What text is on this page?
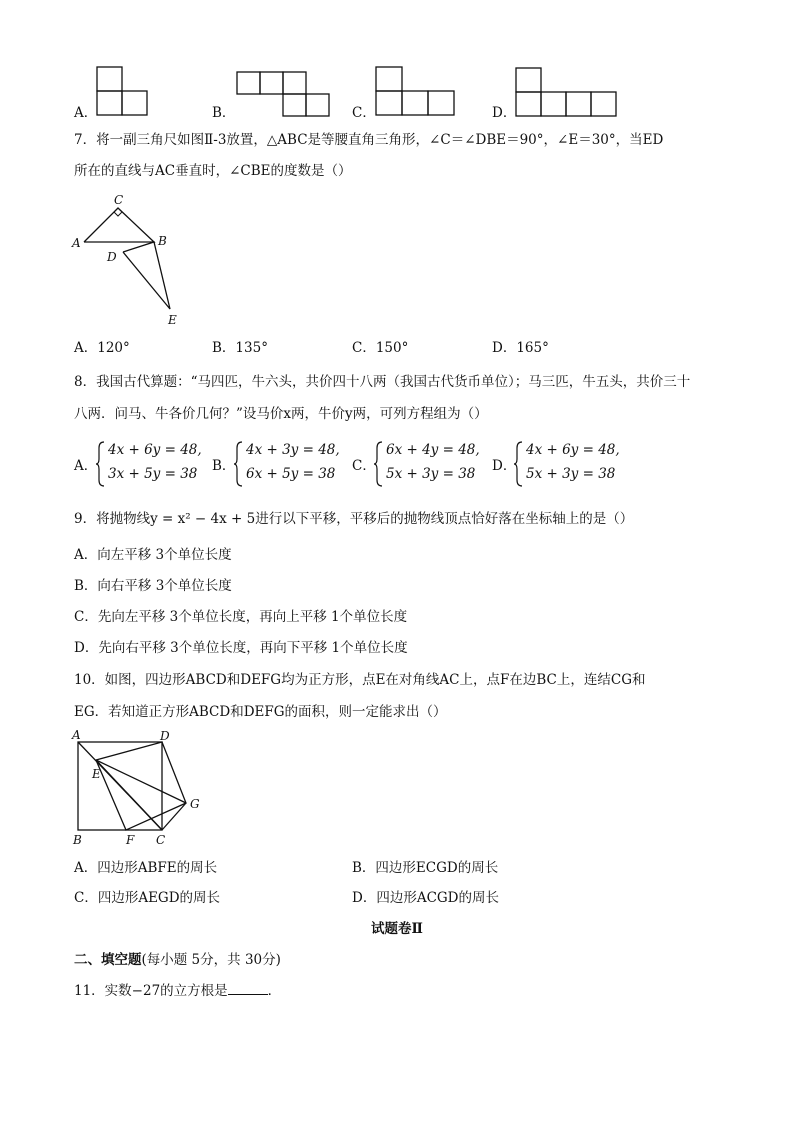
A．	B．	C．	D．
7．将一副三角尺如图Ⅱ-3放置，△ABC是等腰直角三角形，∠C＝∠DBE＝90°，∠E＝30°，当ED
所在的直线与AC垂直时，∠CBE的度数是（）
C
A	B
D
E
A．120°	B．135°	C．150°	D．165°
8．我国古代算题：“马四匹，牛六头，共价四十八两（我国古代货币单位）；马三匹，牛五头，共价三十
八两．问马、牛各价几何？”设马价x两，牛价y两，可列方程组为（）
A．
4x + 6y = 48,
3x + 5y = 38 B．
4x + 3y = 48,
6x + 5y = 38 C．
6x + 4y = 48,
5x + 3y = 38 D．
4x + 6y = 48,
5x + 3y = 38
9．将抛物线y = x² − 4x + 5进行以下平移，平移后的抛物线顶点恰好落在坐标轴上的是（）
A．向左平移 3个单位长度
B．向右平移 3个单位长度
C．先向左平移 3个单位长度，再向上平移 1个单位长度
D．先向右平移 3个单位长度，再向下平移 1个单位长度
10．如图，四边形ABCD和DEFG均为正方形，点E在对角线AC上，点F在边BC上，连结CG和
EG．若知道正方形ABCD和DEFG的面积，则一定能求出（）
A	D
E
G
B	F C
A．四边形ABFE的周长	B．四边形ECGD的周长
C．四边形AEGD的周长	D．四边形ACGD的周长
试题卷Ⅱ
二、填空题(每小题 5分，共 30分)
11．实数−27的立方根是	．
